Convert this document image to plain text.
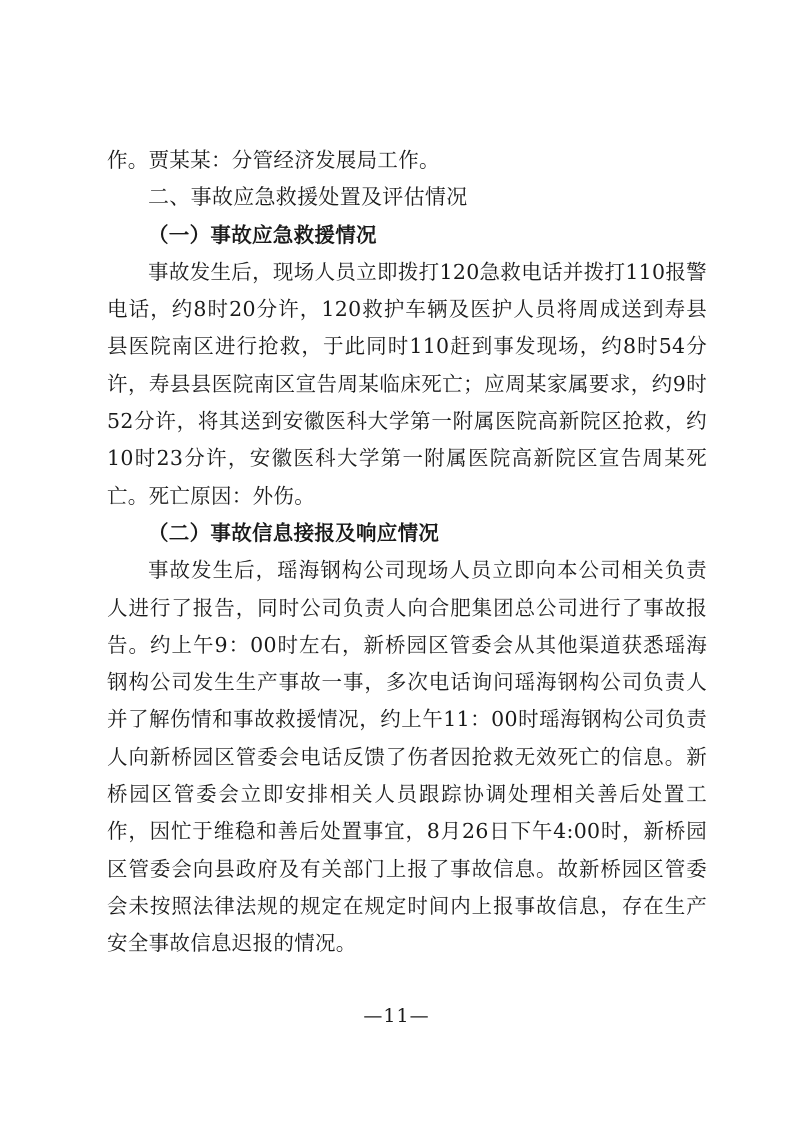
作。贾某某：分管经济发展局工作。

二、事故应急救援处置及评估情况

（一）事故应急救援情况

事故发生后，现场人员立即拨打120急救电话并拨打110报警电话，约8时20分许，120救护车辆及医护人员将周成送到寿县县医院南区进行抢救，于此同时110赶到事发现场，约8时54分许，寿县县医院南区宣告周某临床死亡；应周某家属要求，约9时52分许，将其送到安徽医科大学第一附属医院高新院区抢救，约10时23分许，安徽医科大学第一附属医院高新院区宣告周某死亡。死亡原因：外伤。

（二）事故信息接报及响应情况

事故发生后，瑶海钢构公司现场人员立即向本公司相关负责人进行了报告，同时公司负责人向合肥集团总公司进行了事故报告。约上午9：00时左右，新桥园区管委会从其他渠道获悉瑶海钢构公司发生生产事故一事，多次电话询问瑶海钢构公司负责人并了解伤情和事故救援情况，约上午11：00时瑶海钢构公司负责人向新桥园区管委会电话反馈了伤者因抢救无效死亡的信息。新桥园区管委会立即安排相关人员跟踪协调处理相关善后处置工作，因忙于维稳和善后处置事宜，8月26日下午4:00时，新桥园区管委会向县政府及有关部门上报了事故信息。故新桥园区管委会未按照法律法规的规定在规定时间内上报事故信息，存在生产安全事故信息迟报的情况。

—11—
